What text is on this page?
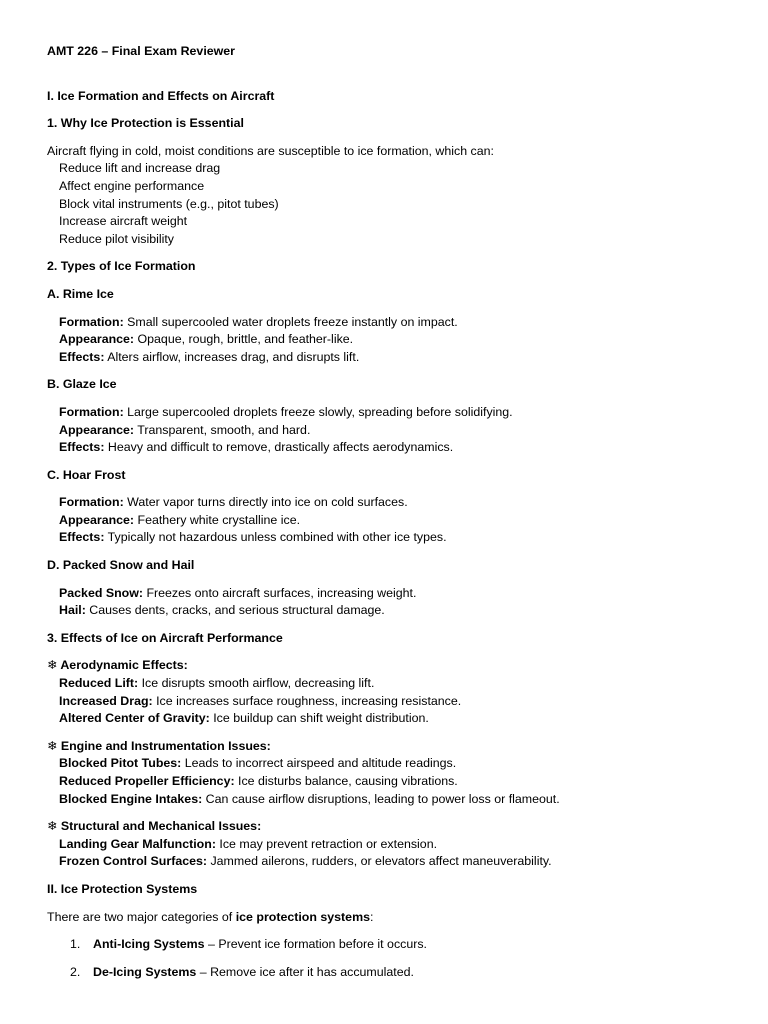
AMT 226 – Final Exam Reviewer

I. Ice Formation and Effects on Aircraft

1. Why Ice Protection is Essential

Aircraft flying in cold, moist conditions are susceptible to ice formation, which can:

Reduce lift and increase drag

Affect engine performance

Block vital instruments (e.g., pitot tubes)

Increase aircraft weight

Reduce pilot visibility

2. Types of Ice Formation

A. Rime Ice

Formation: Small supercooled water droplets freeze instantly on impact.

Appearance: Opaque, rough, brittle, and feather-like.

Effects: Alters airflow, increases drag, and disrupts lift.

B. Glaze Ice

Formation: Large supercooled droplets freeze slowly, spreading before solidifying.

Appearance: Transparent, smooth, and hard.

Effects: Heavy and difficult to remove, drastically affects aerodynamics.

C. Hoar Frost

Formation: Water vapor turns directly into ice on cold surfaces.

Appearance: Feathery white crystalline ice.

Effects: Typically not hazardous unless combined with other ice types.

D. Packed Snow and Hail

Packed Snow: Freezes onto aircraft surfaces, increasing weight.

Hail: Causes dents, cracks, and serious structural damage.

3. Effects of Ice on Aircraft Performance

❄ Aerodynamic Effects:

Reduced Lift: Ice disrupts smooth airflow, decreasing lift.

Increased Drag: Ice increases surface roughness, increasing resistance.

Altered Center of Gravity: Ice buildup can shift weight distribution.

❄ Engine and Instrumentation Issues:

Blocked Pitot Tubes: Leads to incorrect airspeed and altitude readings.

Reduced Propeller Efficiency: Ice disturbs balance, causing vibrations.

Blocked Engine Intakes: Can cause airflow disruptions, leading to power loss or flameout.

❄ Structural and Mechanical Issues:

Landing Gear Malfunction: Ice may prevent retraction or extension.

Frozen Control Surfaces: Jammed ailerons, rudders, or elevators affect maneuverability.

II. Ice Protection Systems

There are two major categories of ice protection systems:

1. Anti-Icing Systems – Prevent ice formation before it occurs.
2. De-Icing Systems – Remove ice after it has accumulated.
